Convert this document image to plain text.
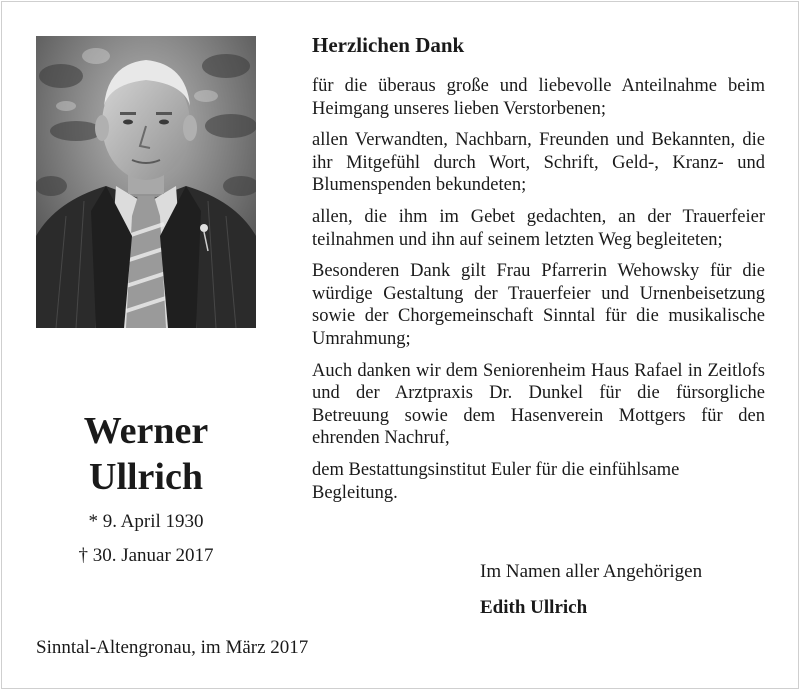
Werner
Ullrich
* 9. April 1930
† 30. Januar 2017
Herzlichen Dank

für die überaus große und liebevolle Anteilnahme beim Heimgang unseres lieben Verstorbenen;

allen Verwandten, Nachbarn, Freunden und Bekannten, die ihr Mitgefühl durch Wort, Schrift, Geld-, Kranz- und Blumenspenden bekundeten;

allen, die ihm im Gebet gedachten, an der Trauerfeier teilnahmen und ihn auf seinem letzten Weg begleiteten;

Besonderen Dank gilt Frau Pfarrerin Wehowsky für die würdige Gestaltung der Trauerfeier und Urnenbeisetzung sowie der Chorgemeinschaft Sinntal für die musikalische Umrahmung;

Auch danken wir dem Seniorenheim Haus Rafael in Zeitlofs und der Arztpraxis Dr. Dunkel für die fürsorgliche Betreuung sowie dem Hasenverein Mottgers für den ehrenden Nachruf,

dem Bestattungsinstitut Euler für die einfühlsame Begleitung.

Im Namen aller Angehörigen
Edith Ullrich
Sinntal-Altengronau, im März 2017
